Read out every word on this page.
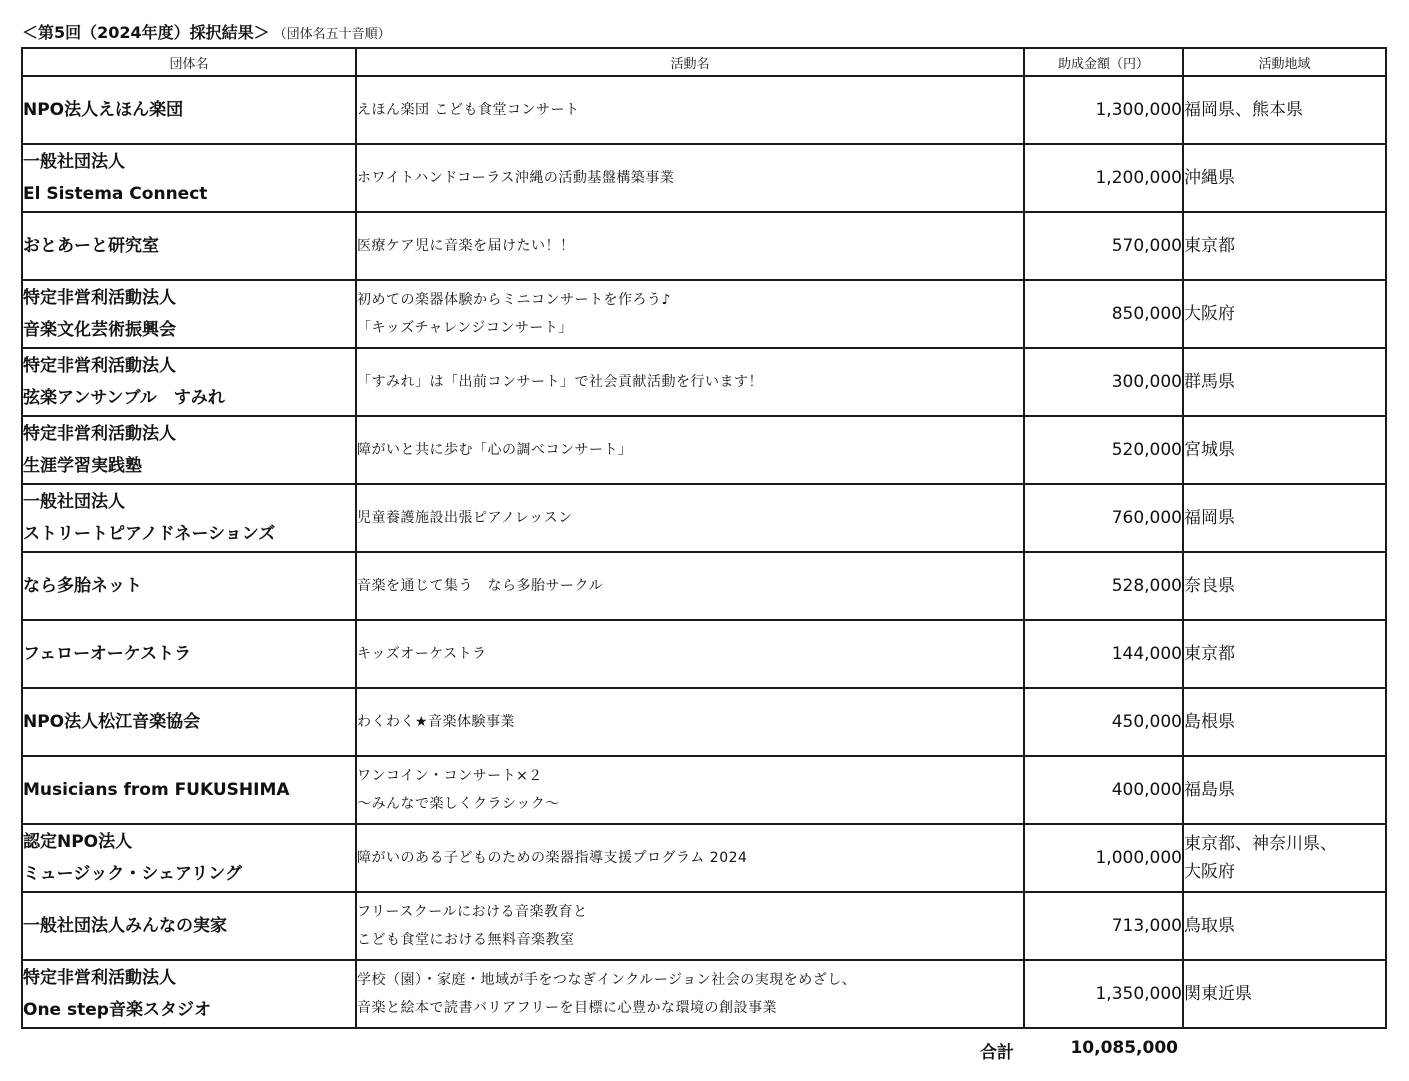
＜第5回（2024年度）採択結果＞ （団体名五十音順）
団体名	活動名	助成金額（円）	活動地域

NPO法人えほん楽団	えほん楽団 こども食堂コンサート	1,300,000	福岡県、熊本県

一般社団法人
El Sistema Connect	ホワイトハンドコーラス沖縄の活動基盤構築事業	1,200,000	沖縄県

おとあーと研究室	医療ケア児に音楽を届けたい！！	570,000	東京都

特定非営利活動法人
音楽文化芸術振興会	初めての楽器体験からミニコンサートを作ろう♪
「キッズチャレンジコンサート」	850,000	大阪府

特定非営利活動法人
弦楽アンサンブル　すみれ	「すみれ」は「出前コンサート」で社会貢献活動を行います！	300,000	群馬県

特定非営利活動法人
生涯学習実践塾	障がいと共に歩む「心の調べコンサート」	520,000	宮城県

一般社団法人
ストリートピアノドネーションズ	児童養護施設出張ピアノレッスン	760,000	福岡県

なら多胎ネット	音楽を通じて集う　なら多胎サークル	528,000	奈良県

フェローオーケストラ	キッズオーケストラ	144,000	東京都

NPO法人松江音楽協会	わくわく★音楽体験事業	450,000	島根県

Musicians from FUKUSHIMA	ワンコイン・コンサート×２
～みんなで楽しくクラシック～	400,000	福島県

認定NPO法人
ミュージック・シェアリング	障がいのある子どものための楽器指導支援プログラム 2024	1,000,000	東京都、神奈川県、
大阪府

一般社団法人みんなの実家	フリースクールにおける音楽教育と
こども食堂における無料音楽教室	713,000	鳥取県

特定非営利活動法人
One step音楽スタジオ	学校（園）・家庭・地域が手をつなぎインクルージョン社会の実現をめざし、
音楽と絵本で読書バリアフリーを目標に心豊かな環境の創設事業	1,350,000	関東近県
合計	10,085,000
